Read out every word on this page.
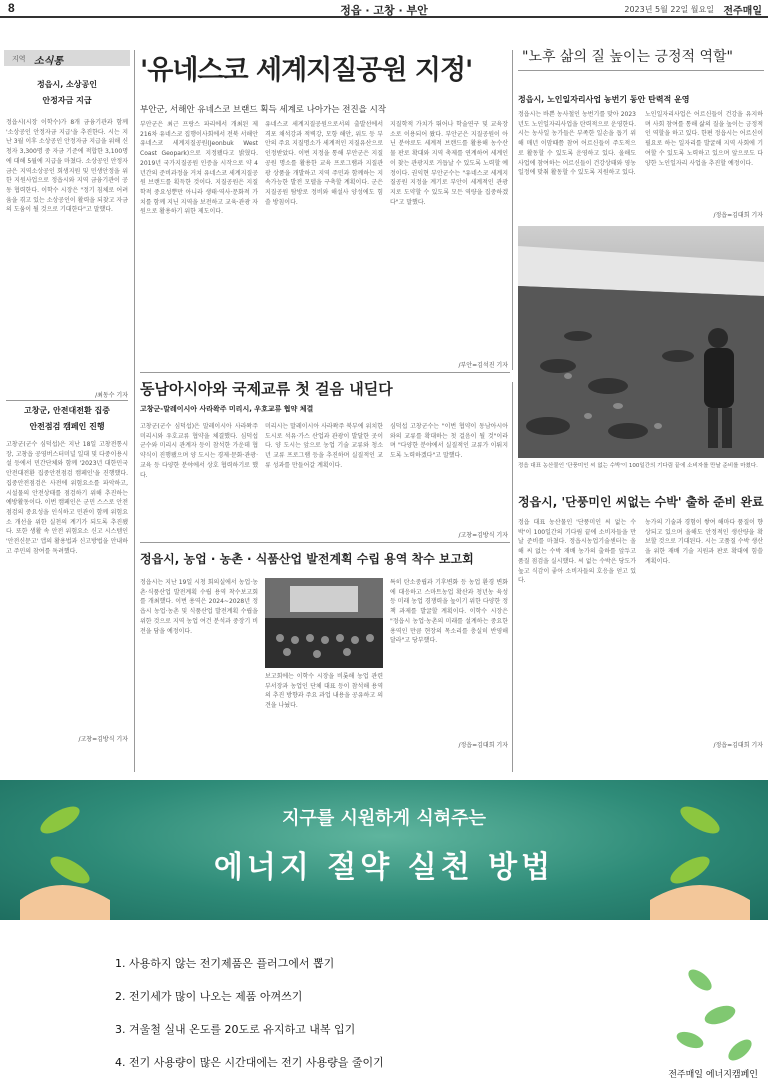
8	정읍 · 고창 · 부안	2023년 5월 22일 월요일 전주매일
지역 소식통
정읍시, 소상공인
안정자금 지급
정읍시(시장 이학수)가 8개 금융기관과 함께 '소상공인 안정자금 지급'을 추진한다. 시는 지난 3월 이후 소상공인 안정자금 지급을 위해 신청자 3,300명 중 자금 기준에 적합한 3,100명에 대해 5월에 지급을 마쳤다. 소상공인 안정자금은 지역소상공인 회생지원 및 민생안정을 위한 지원사업으로 정읍시와 지역 금융기관이 공동 협력한다. 이학수 시장은 "정기 침체로 어려움을 겪고 있는 소상공인이 활력을 되찾고 자금의 도움이 될 것으로 기대한다"고 말했다.
/최동수 기자
고창군, 안전대전환 집중
안전점검 캠페인 진행
고창군(군수 심덕섭)은 지난 18일 고창전통시장, 고창읍 공영버스터미널 일대 및 다중이용시설 등에서 민간단체와 함께 '2023년 대한민국 안전대전환 집중안전점검 캠페인'을 진행했다. 집중안전점검은 사전에 위험요소를 파악하고, 시설물의 안전상태를 점검하기 위해 추진하는 예방활동이다. 이번 캠페인은 군민 스스로 안전점검의 중요성을 인식하고 민관이 함께 위험요소 개선을 위한 실천의 계기가 되도록 추진됐다. 또한 생활 속 안전 위험요소 신고 시스템인 '안전신문고' 앱의 활용법과 신고방법을 안내하고 주민의 참여를 독려했다.
/고창=김방식 기자
'유네스코 세계지질공원 지정'
부안군, 서해안 유네스코 브랜드 획득 세계로 나아가는 전진을 시작
부안군은 최근 프랑스 파리에서 개최된 제216차 유네스코 집행이사회에서 전북 서해안 유네스코 세계지질공원(Jeonbuk West Coast Geopark)으로 지정됐다고 밝혔다. 2019년 국가지질공원 인증을 시작으로 약 4년간의 준비과정을 거쳐 유네스코 세계지질공원 브랜드를 획득한 것이다. 지질공원은 지질학적 중요성뿐만 아니라 생태·역사·문화적 가치를 함께 지닌 지역을 보전하고 교육·관광 자원으로 활용하기 위한 제도이다.
유네스코 세계지질공원으로서의 출발선에서 격포 채석강과 적벽강, 모항 해안, 위도 등 부안의 주요 지질명소가 세계적인 지질유산으로 인정받았다. 이번 지정을 통해 부안군은 지질공원 명소를 활용한 교육 프로그램과 지질관광 상품을 개발하고 지역 주민과 함께하는 지속가능한 발전 모델을 구축할 계획이다. 군은 지질공원 탐방로 정비와 해설사 양성에도 힘쓸 방침이다.
지질학적 가치가 뛰어나 학술연구 및 교육장소로 이용되어 왔다. 부안군은 지질공원이 아닌 분야로도 세계적 브랜드를 활용해 농수산물 판로 확대와 지역 축제를 연계하여 세계인이 찾는 관광지로 거듭날 수 있도록 노력할 예정이다. 권익현 부안군수는 "유네스코 세계지질공원 지정을 계기로 부안이 세계적인 관광지로 도약할 수 있도록 모든 역량을 집중하겠다"고 말했다.
/부안=김석진 기자
"노후 삶의 질 높이는 긍정적 역할"
정읍시, 노인일자리사업 농번기 동안 탄력적 운영
정읍시는 바쁜 농사철인 농번기를 맞아 2023년도 노인일자리사업을 탄력적으로 운영한다. 시는 농사일 농가들은 부족한 일손을 돕기 위해 매년 이맘때쯤 참여 어르신들이 주도적으로 활동할 수 있도록 운영하고 있다. 올해도 사업에 참여하는 어르신들이 건강상태와 영농 일정에 맞춰 활동할 수 있도록 지원하고 있다.
노인일자리사업은 어르신들이 건강을 유지하며 사회 참여를 통해 삶의 질을 높이는 긍정적인 역할을 하고 있다. 한편 정읍시는 어르신이 필요로 하는 일자리를 발굴해 지역 사회에 기여할 수 있도록 노력하고 있으며 앞으로도 다양한 노인일자리 사업을 추진할 예정이다.
/정읍=김대희 기자
정읍 대표 농산물인 '단풍미인 씨 없는 수박'이 100일간의 기다림 끝에 소비자를 만날 준비를 마쳤다.
정읍시, '단풍미인 씨없는 수박' 출하 준비 완료
정읍 대표 농산물인 '단풍미인 씨 없는 수박'이 100일간의 기다림 끝에 소비자들을 만날 준비를 마쳤다. 정읍시농업기술센터는 올해 씨 없는 수박 재배 농가의 출하를 앞두고 품질 점검을 실시했다. 씨 없는 수박은 당도가 높고 식감이 좋아 소비자들의 호응을 얻고 있다.
농가의 기술과 경험이 쌓여 해마다 품질이 향상되고 있으며 올해도 안정적인 생산량을 확보할 것으로 기대된다. 시는 고품질 수박 생산을 위한 재배 기술 지원과 판로 확대에 힘쓸 계획이다.
/정읍=김대희 기자
동남아시아와 국제교류 첫 걸음 내딛다
고창군-말레이시아 사라왁주 미리시, 우호교류 협약 체결
고창군(군수 심덕섭)은 말레이시아 사라왁주 미리시와 우호교류 협약을 체결했다. 심덕섭 군수와 미리시 관계자 등이 참석한 가운데 협약식이 진행됐으며 양 도시는 경제·문화·관광·교육 등 다양한 분야에서 상호 협력하기로 했다.
미리시는 말레이시아 사라왁주 북부에 위치한 도시로 석유·가스 산업과 관광이 발달한 곳이다. 양 도시는 앞으로 농업 기술 교류와 청소년 교류 프로그램 등을 추진하며 실질적인 교류 성과를 만들어갈 계획이다.
심덕섭 고창군수는 "이번 협약이 동남아시아와의 교류를 확대하는 첫 걸음이 될 것"이라며 "다양한 분야에서 실질적인 교류가 이뤄지도록 노력하겠다"고 말했다.
/고창=김방식 기자
정읍시, 농업 · 농촌 · 식품산업 발전계획 수립 용역 착수 보고회
정읍시는 지난 19일 시청 회의실에서 농업·농촌·식품산업 발전계획 수립 용역 착수보고회를 개최했다. 이번 용역은 2024~2028년 정읍시 농업·농촌 및 식품산업 발전계획 수립을 위한 것으로 지역 농업 여건 분석과 중장기 비전을 담을 예정이다.
보고회에는 이학수 시장을 비롯해 농업 관련 부서장과 농업인 단체 대표 등이 참석해 용역의 추진 방향과 주요 과업 내용을 공유하고 의견을 나눴다.
특히 탄소중립과 기후변화 등 농업 환경 변화에 대응하고 스마트농업 확산과 청년농 육성 등 미래 농업 경쟁력을 높이기 위한 다양한 정책 과제를 발굴할 계획이다. 이학수 시장은 "정읍시 농업·농촌의 미래를 설계하는 중요한 용역인 만큼 현장의 목소리를 충실히 반영해 달라"고 당부했다.
/정읍=김대희 기자
지구를 시원하게 식혀주는
에너지 절약 실천 방법
1. 사용하지 않는 전기제품은 플러그에서 뽑기
2. 전기세가 많이 나오는 제품 아껴쓰기
3. 겨울철 실내 온도를 20도로 유지하고 내복 입기
4. 전기 사용량이 많은 시간대에는 전기 사용량을 줄이기
전주매일 에너지캠페인
